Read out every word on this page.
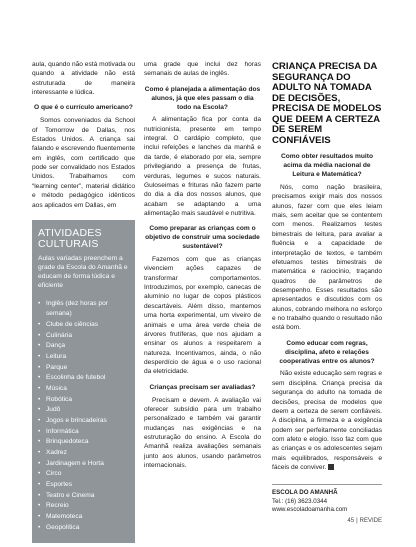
aula, quando não está motivada ou quando a atividade não está estruturada de maneira interessante e lúdica.

O que é o currículo americano?

Somos conveniados da School of Tomorrow de Dallas, nos Estados Unidos. A criança sai falando e escrevendo fluentemente em inglês, com certificado que pode ser convalidado nos Estados Unidos. Trabalhamos com “learning center”, material didático e método pedagógico idênticos aos aplicados em Dallas, em

ATIVIDADES CULTURAIS
Aulas variadas preenchem a grade da Escola do Amanhã e educam de forma lúdica e eficiente
• Inglês (dez horas por semana)
• Clube de ciências
• Culinária
• Dança
• Leitura
• Parque
• Escolinha de futebol
• Música
• Robótica
• Judô
• Jogos e brincadeiras
• Informática
• Brinquedoteca
• Xadrez
• Jardinagem e Horta
• Circo
• Esportes
• Teatro e Cinema
• Recreio
• Matemoteca
• Geopolítica

uma grade que inclui dez horas semanais de aulas de inglês.

Como é planejada a alimentação dos alunos, já que eles passam o dia todo na Escola?

A alimentação fica por conta da nutricionista, presente em tempo integral. O cardápio completo, que inclui refeições e lanches da manhã e da tarde, é elaborado por ela, sempre privilegiando a presença de frutas, verduras, legumes e sucos naturais. Guloseimas e frituras não fazem parte do dia a dia dos nossos alunos, que acabam se adaptando a uma alimentação mais saudável e nutritiva.

Como preparar as crianças com o objetivo de construir uma sociedade sustentável?

Fazemos com que as crianças vivenciem ações capazes de transformar comportamentos. Introduzimos, por exemplo, canecas de alumínio no lugar de copos plásticos descartáveis. Além disso, mantemos uma horta experimental, um viveiro de animais e uma área verde cheia de árvores frutíferas, que nos ajudam a ensinar os alunos a respeitarem a natureza. Incentivamos, ainda, o não desperdício de água e o uso racional da eletricidade.

Crianças precisam ser avaliadas?

Precisam e devem. A avaliação vai oferecer subsídio para um trabalho personalizado e também vai garantir mudanças nas exigências e na estruturação do ensino. A Escola do Amanhã realiza avaliações semanais junto aos alunos, usando parâmetros internacionais.

CRIANÇA PRECISA DA SEGURANÇA DO ADULTO NA TOMADA DE DECISÕES, PRECISA DE MODELOS QUE DEEM A CERTEZA DE SEREM CONFIÁVEIS

Como obter resultados muito acima da média nacional de Leitura e Matemática?

Nós, como nação brasileira, precisamos exigir mais dos nossos alunos, fazer com que eles leiam mais, sem aceitar que se contentem com menos. Realizamos testes bimestrais de leitura, para avaliar a fluência e a capacidade de interpretação de textos, e também efetuamos testes bimestrais de matemática e raciocínio, traçando quadros de parâmetros de desempenho. Esses resultados são apresentados e discutidos com os alunos, cobrando melhora no esforço e no trabalho quando o resultado não está bom.

Como educar com regras, disciplina, afeto e relações cooperativas entre os alunos?

Não existe educação sem regras e sem disciplina. Criança precisa da segurança do adulto na tomada de decisões, precisa de modelos que deem a certeza de serem confiáveis. A disciplina, a firmeza e a exigência podem ser perfeitamente conciliadas com afeto e elogio. Isso faz com que as crianças e os adolescentes sejam mais equilibrados, responsáveis e fáceis de conviver.

ESCOLA DO AMANHÃ
Tel.: (16) 3623.0344
www.escoladoamanha.com
45 | REVIDE
